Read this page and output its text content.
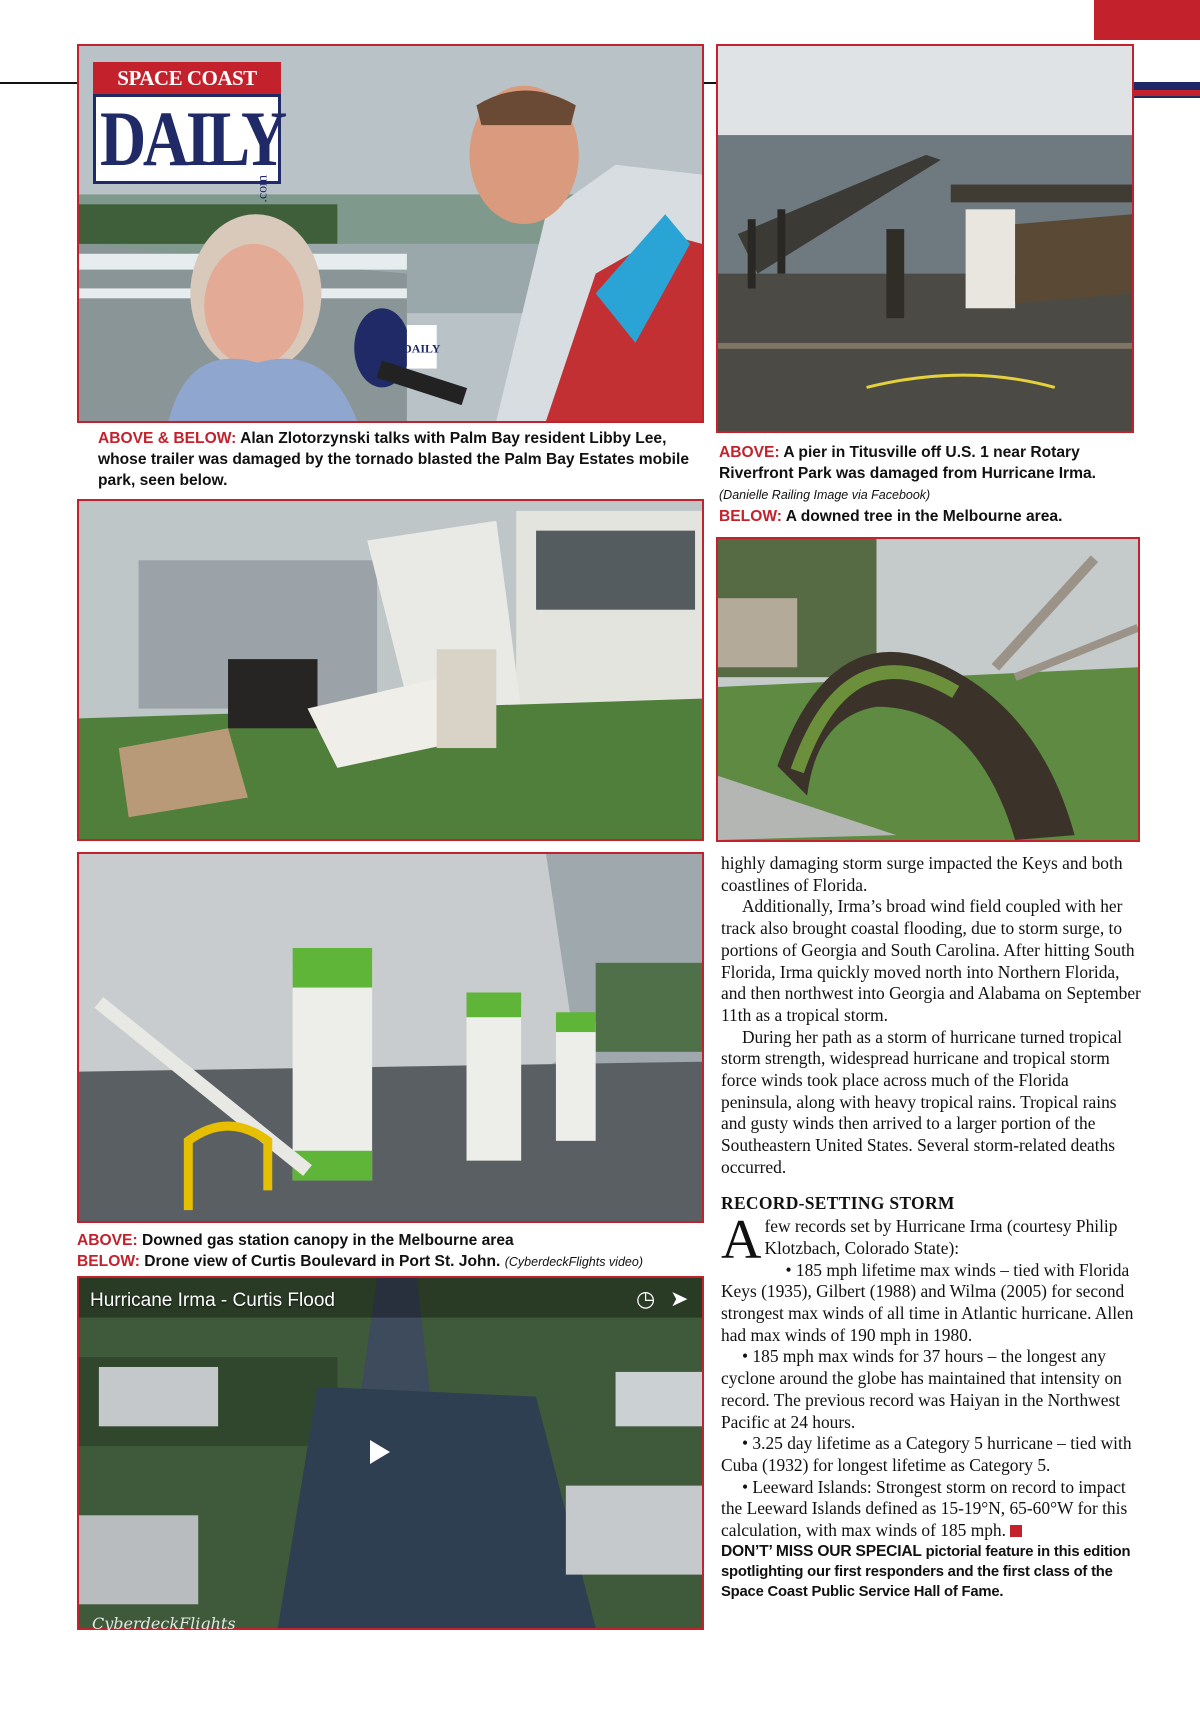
DAILY
SPACE COAST
DAILY
.com
ABOVE & BELOW: Alan Zlotorzynski talks with Palm Bay resident Libby Lee, whose trailer was damaged by the tornado blasted the Palm Bay Estates mobile park, seen below.
ABOVE: A pier in Titusville off U.S. 1 near Rotary Riverfront Park was damaged from Hurricane Irma.
(Danielle Railing Image via Facebook)
BELOW: A downed tree in the Melbourne area.
ABOVE: Downed gas station canopy in the Melbourne area
BELOW: Drone view of Curtis Boulevard in Port St. John. (CyberdeckFlights video)
Hurricane Irma - Curtis Flood	◷ ➤
CyberdeckFlights

highly damaging storm surge impacted the Keys and both coastlines of Florida.

Additionally, Irma’s broad wind field coupled with her track also brought coastal flooding, due to storm surge, to portions of Georgia and South Carolina. After hitting South Florida, Irma quickly moved north into Northern Florida, and then northwest into Georgia and Alabama on September 11th as a tropical storm.

During her path as a storm of hurricane turned tropical storm strength, widespread hurricane and tropical storm force winds took place across much of the Florida peninsula, along with heavy tropical rains. Tropical rains and gusty winds then arrived to a larger portion of the Southeastern United States. Several storm-related deaths occurred.

RECORD-SETTING STORM

Afew records set by Hurricane Irma (courtesy Philip Klotzbach, Colorado State):

• 185 mph lifetime max winds – tied with Florida Keys (1935), Gilbert (1988) and Wilma (2005) for second strongest max winds of all time in Atlantic hurricane. Allen had max winds of 190 mph in 1980.

• 185 mph max winds for 37 hours – the longest any cyclone around the globe has maintained that intensity on record. The previous record was Haiyan in the Northwest Pacific at 24 hours.

• 3.25 day lifetime as a Category 5 hurricane – tied with Cuba (1932) for longest lifetime as Category 5.

• Leeward Islands: Strongest storm on record to impact the Leeward Islands defined as 15-19°N, 65-60°W for this calculation, with max winds of 185 mph.

DON’T’ MISS OUR SPECIAL pictorial feature in this edition spotlighting our first responders and the first class of the Space Coast Public Service Hall of Fame.
